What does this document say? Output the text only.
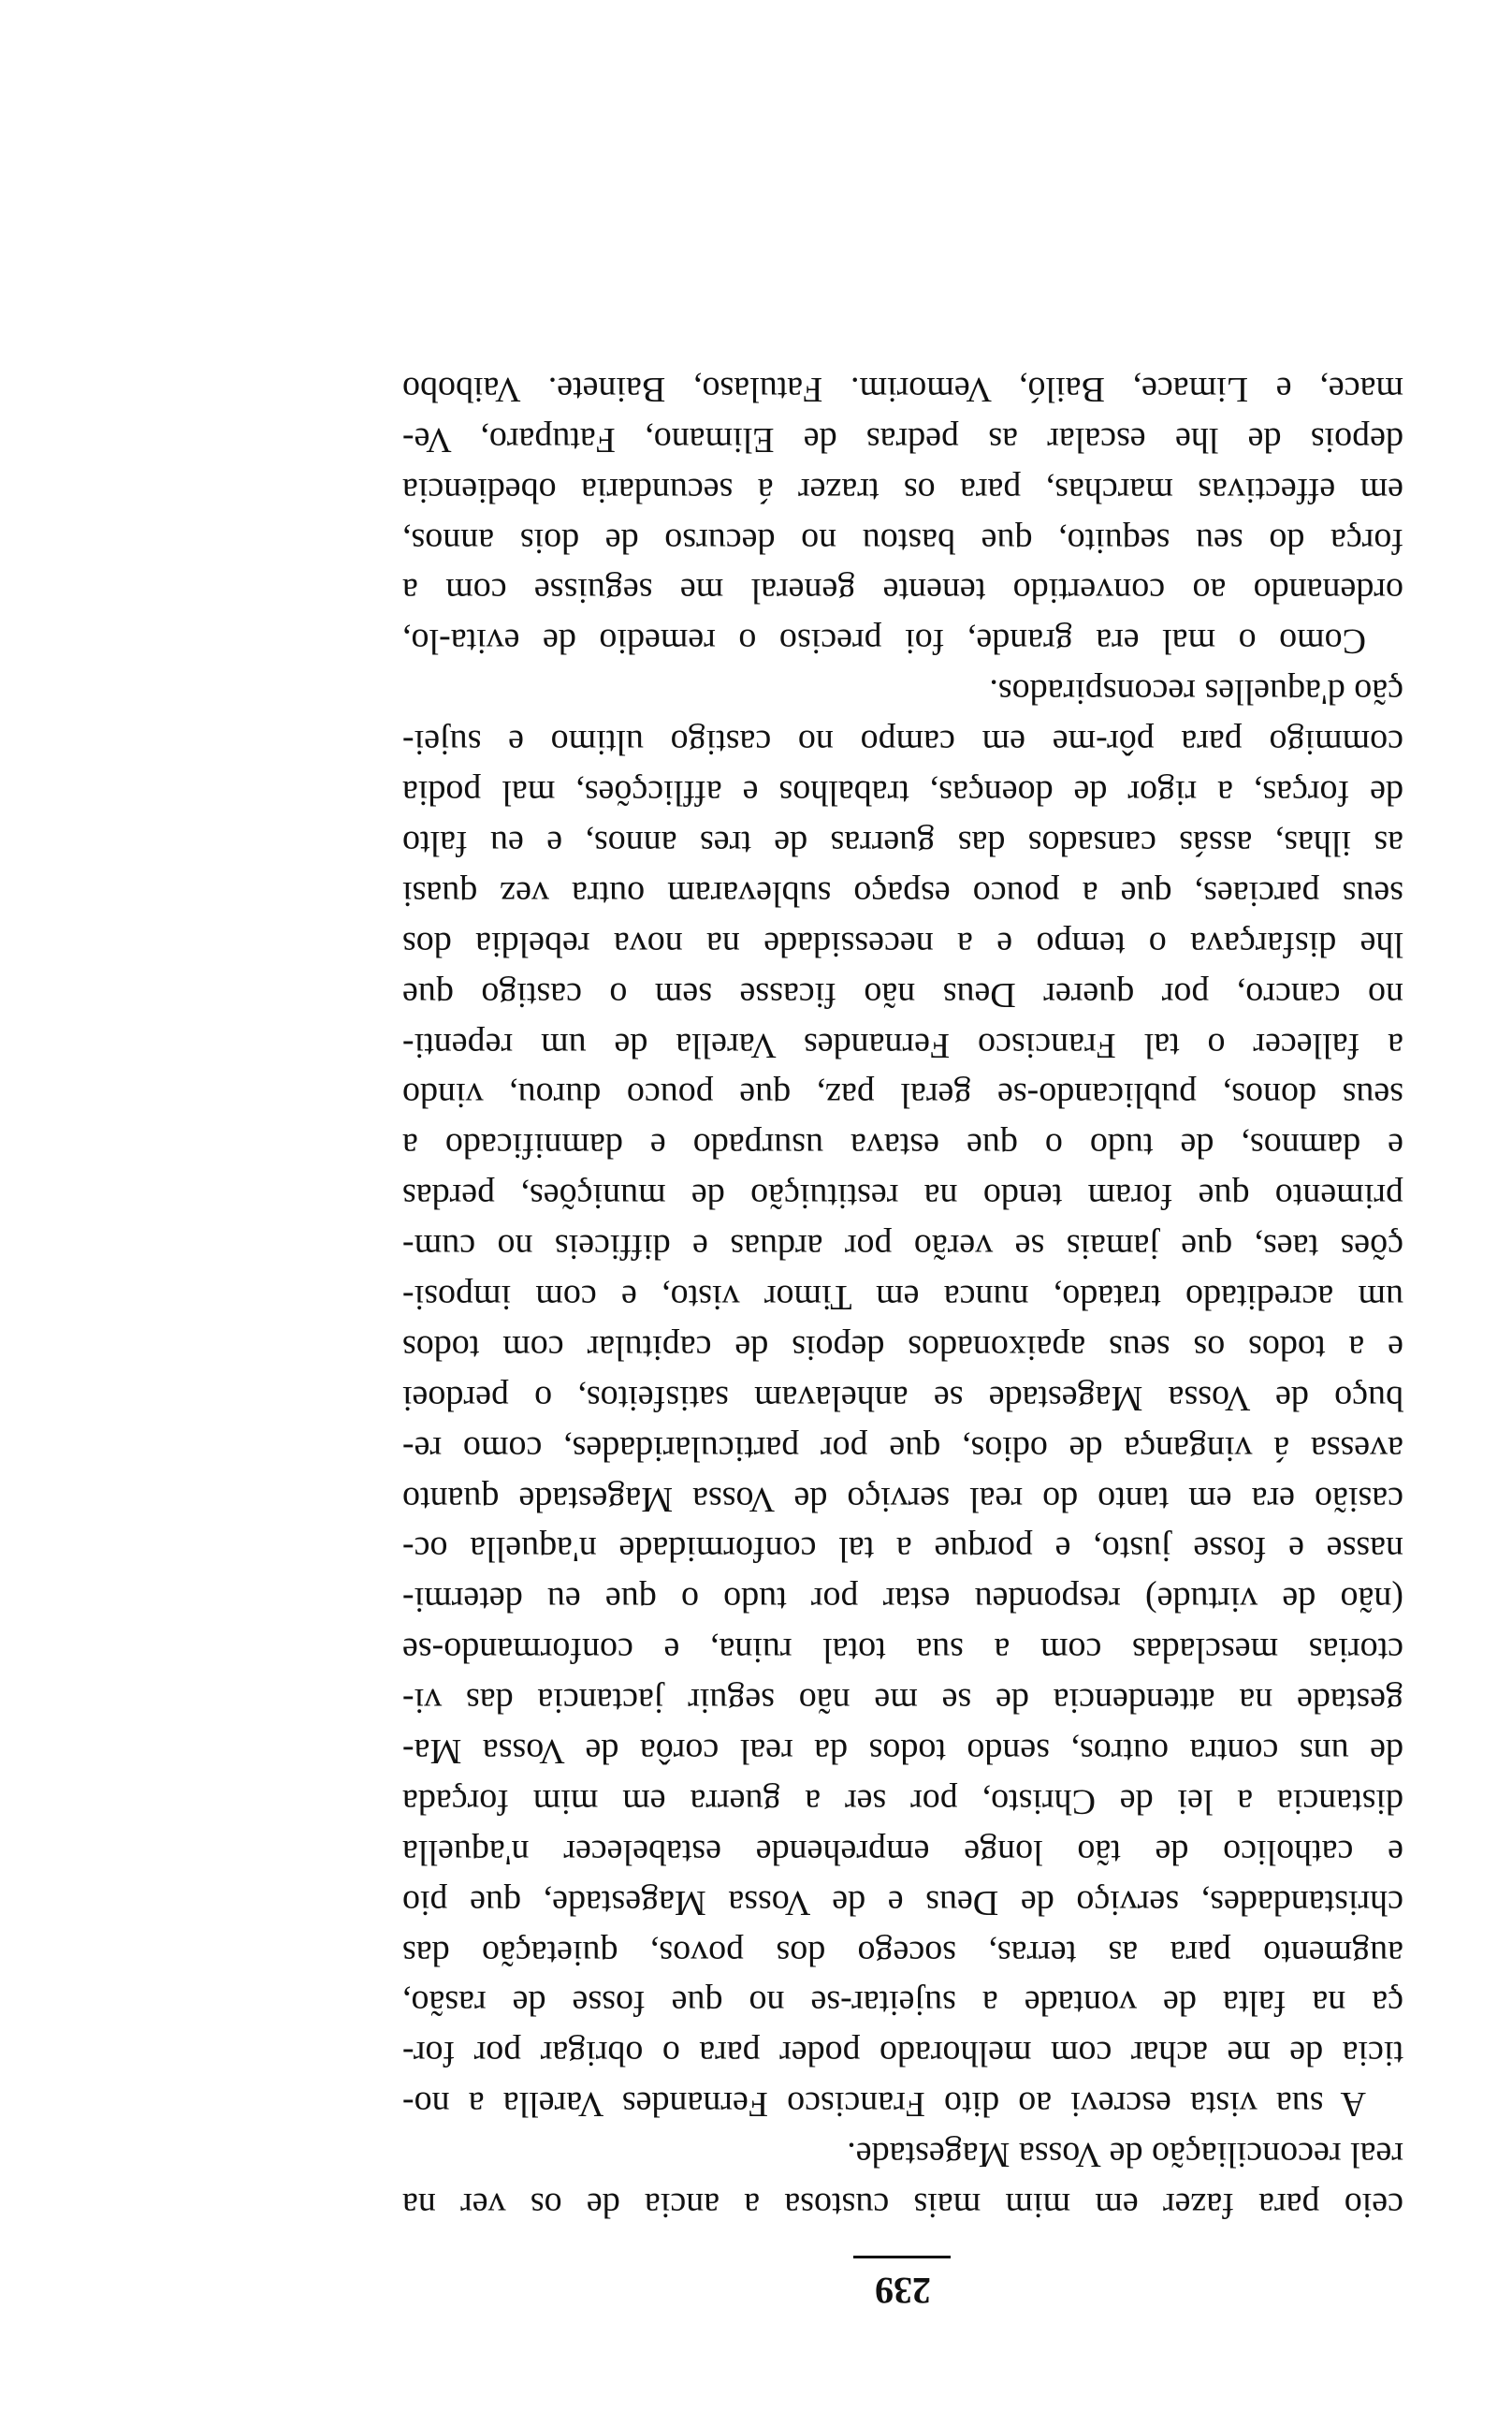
239
ceio para fazer em mim mais custosa a ancia de os ver na
real reconciliação de Vossa Magestade.
A sua vista escrevi ao dito Francisco Fernandes Varella a no-
ticia de me achar com melhorado poder para o obrigar por for-
ça na falta de vontade a sujeitar-se no que fosse de rasão,
augmento para as terras, socego dos povos, quietação das
christandades, serviço de Deus e de Vossa Magestade, que pio
e catholico de tão longe emprehende estabelecer n'aquella
distancia a lei de Christo, por ser a guerra em mim forçada
de uns contra outros, sendo todos da real corôa de Vossa Ma-
gestade na attendencia de se me não seguir jactancia das vi-
ctorias mescladas com a sua total ruina, e conformando-se
(não de virtude) respondeu estar por tudo o que eu determi-
nasse e fosse justo, e porque a tal conformidade n'aquella oc-
casião era em tanto do real serviço de Vossa Magestade quanto
avessa á vingança de odios, que por particularidades, como re-
buço de Vossa Magestade se anhelavam satisfeitos, o perdoei
e a todos os seus apaixonados depois de capitular com todos
um acreditado tratado, nunca em Timor visto, e com imposi-
ções taes, que jamais se verão por arduas e difficeis no cum-
primento que foram tendo na restituição de munições, perdas
e damnos, de tudo o que estava usurpado e damnificado a
seus donos, publicando-se geral paz, que pouco durou, vindo
a fallecer o tal Francisco Fernandes Varella de um repenti-
no cancro, por querer Deus não ficasse sem o castigo que
lhe disfarçava o tempo e a necessidade na nova rebeldia dos
seus parciaes, que a pouco espaço sublevaram outra vez quasi
as ilhas, assás cansados das guerras de tres annos, e eu falto
de forças, a rigor de doenças, trabalhos e afflicções, mal podia
commigo para pôr-me em campo no castigo ultimo e sujei-
ção d'aquelles reconspirados.
Como o mal era grande, foi preciso o remedio de evita-lo,
ordenando ao convertido tenente general me seguisse com a
força do seu sequito, que bastou no decurso de dois annos,
em effectivas marchas, para os trazer á secundaria obediencia
depois de lhe escalar as pedras de Elimano, Fatuparo, Ve-
mace, e Limace, Bailó, Vemorim. Fatulaso, Bainete. Vaibobo
